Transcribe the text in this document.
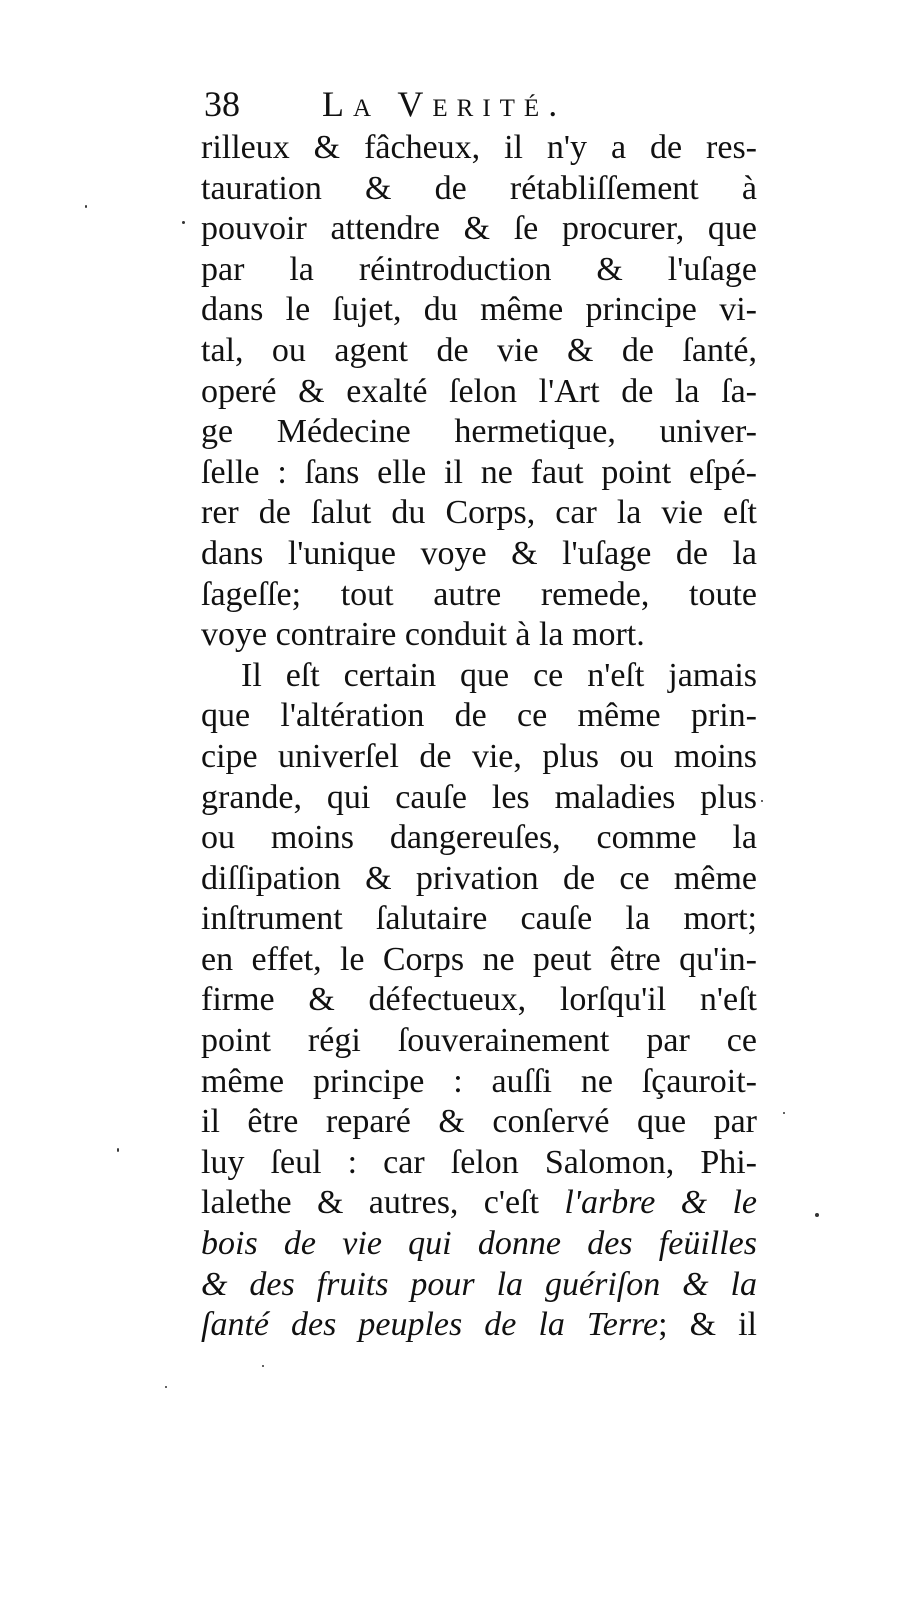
38 La Verité.
rilleux & fâcheux, il n'y a de res-
tauration & de rétabliſſement à
pouvoir attendre & ſe procurer, que
par la réintroduction & l'uſage
dans le ſujet, du même principe vi-
tal, ou agent de vie & de ſanté,
operé & exalté ſelon l'Art de la ſa-
ge Médecine hermetique, univer-
ſelle : ſans elle il ne faut point eſpé-
rer de ſalut du Corps, car la vie eſt
dans l'unique voye & l'uſage de la
ſageſſe; tout autre remede, toute
voye contraire conduit à la mort.
Il eſt certain que ce n'eſt jamais
que l'altération de ce même prin-
cipe univerſel de vie, plus ou moins
grande, qui cauſe les maladies plus
ou moins dangereuſes, comme la
diſſipation & privation de ce même
inſtrument ſalutaire cauſe la mort;
en effet, le Corps ne peut être qu'in-
firme & défectueux, lorſqu'il n'eſt
point régi ſouverainement par ce
même principe : auſſi ne ſçauroit-
il être reparé & conſervé que par
luy ſeul : car ſelon Salomon, Phi-
lalethe & autres, c'eſt l'arbre & le
bois de vie qui donne des feüilles
& des fruits pour la guériſon & la
ſanté des peuples de la Terre; & il
